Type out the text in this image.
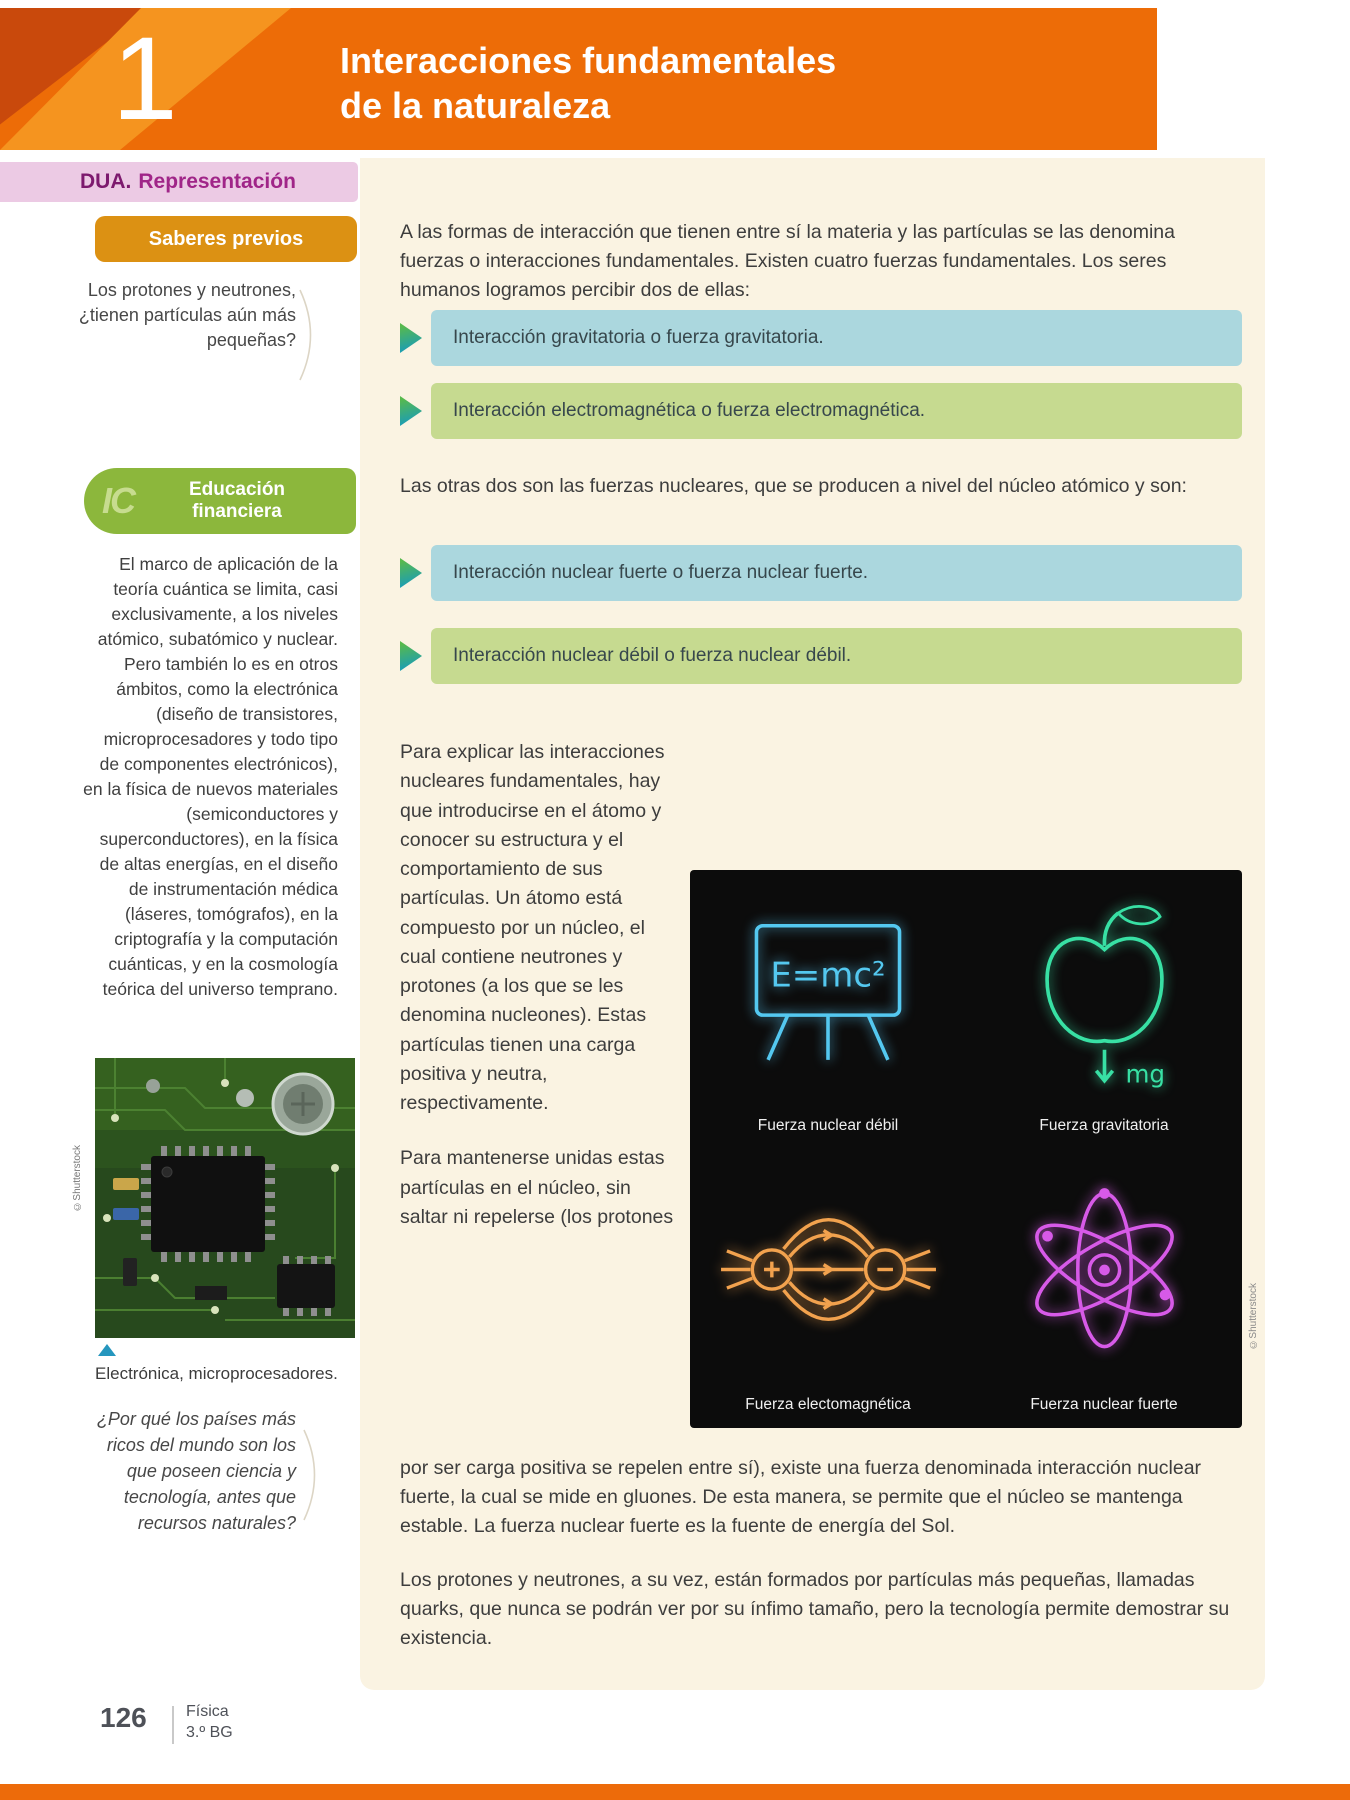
1	Interacciones fundamentales
de la naturaleza
DUA. Representación
Saberes previos
Los protones y neutrones, ¿tienen partículas aún más pequeñas?
IC	Educación
financiera
El marco de aplicación de la teoría cuántica se limita, casi exclusivamente, a los niveles atómico, subatómico y nuclear. Pero también lo es en otros ámbitos, como la electrónica (diseño de transistores, microprocesadores y todo tipo de componentes electrónicos), en la física de nuevos materiales (semiconductores y superconductores), en la física de altas energías, en el diseño de instrumentación médica (láseres, tomógrafos), en la criptografía y la computación cuánticas, y en la cosmología teórica del universo temprano.
©Shutterstock
Electrónica, microprocesadores.
¿Por qué los países más ricos del mundo son los que poseen ciencia y tecnología, antes que recursos naturales?

A las formas de interacción que tienen entre sí la materia y las partículas se las denomina fuerzas o interacciones fundamentales. Existen cuatro fuerzas fundamentales. Los seres humanos logramos percibir dos de ellas:

Interacción gravitatoria o fuerza gravitatoria.
Interacción electromagnética o fuerza electromagnética.

Las otras dos son las fuerzas nucleares, que se producen a nivel del núcleo atómico y son:

Interacción nuclear fuerte o fuerza nuclear fuerte.
Interacción nuclear débil o fuerza nuclear débil.

Para explicar las interacciones nucleares fundamentales, hay que introducirse en el átomo y conocer su estructura y el comportamiento de sus partículas. Un átomo está compuesto por un núcleo, el cual contiene neutrones y protones (a los que se les denomina nucleones). Estas partículas tienen una carga positiva y neutra, respectivamente.

Para mantenerse unidas estas partículas en el núcleo, sin saltar ni repelerse (los protones

E=mc²
Fuerza nuclear débil
mg
Fuerza gravitatoria
Fuerza electomagnética	Fuerza nuclear fuerte
©Shutterstock

por ser carga positiva se repelen entre sí), existe una fuerza denominada interacción nuclear fuerte, la cual se mide en gluones. De esta manera, se permite que el núcleo se mantenga estable. La fuerza nuclear fuerte es la fuente de energía del Sol.

Los protones y neutrones, a su vez, están formados por partículas más pequeñas, llamadas quarks, que nunca se podrán ver por su ínfimo tamaño, pero la tecnología permite demostrar su existencia.

126 Física
3.º BG
